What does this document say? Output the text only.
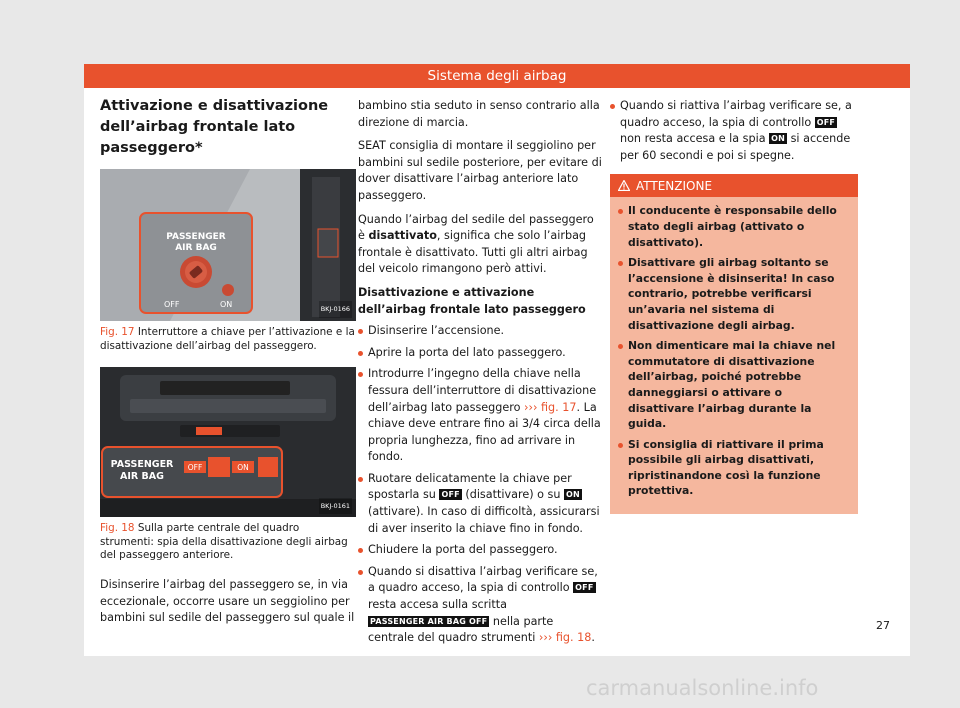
Sistema degli airbag
Attivazione e disattivazione dell’airbag frontale lato passeggero*
PASSENGER
AIR BAG
OFF	ON
BKJ-0166
Fig. 17 Interruttore a chiave per l’attivazione e la disattivazione dell’airbag del passeggero.
PASSENGER
AIR BAG
OFF	ON
BKJ-0161
Fig. 18 Sulla parte centrale del quadro strumenti: spia della disattivazione degli airbag del passeggero anteriore.

Disinserire l’airbag del passeggero se, in via eccezionale, occorre usare un seggiolino per bambini sul sedile del passeggero sul quale il

bambino stia seduto in senso contrario alla direzione di marcia.

SEAT consiglia di montare il seggiolino per bambini sul sedile posteriore, per evitare di dover disattivare l’airbag anteriore lato passeggero.

Quando l’airbag del sedile del passeggero è disattivato, significa che solo l’airbag frontale è disattivato. Tutti gli altri airbag del veicolo rimangono però attivi.

Disattivazione e attivazione dell’airbag frontale lato passeggero
Disinserire l’accensione.
Aprire la porta del lato passeggero.
Introdurre l’ingegno della chiave nella fessura dell’interruttore di disattivazione dell’airbag lato passeggero ››› fig. 17. La chiave deve entrare fino ai 3/4 circa della propria lunghezza, fino ad arrivare in fondo.
Ruotare delicatamente la chiave per spostarla su OFF (disattivare) o su ON (attivare). In caso di difficoltà, assicurarsi di aver inserito la chiave fino in fondo.
Chiudere la porta del passeggero.
Quando si disattiva l’airbag verificare se, a quadro acceso, la spia di controllo OFF resta accesa sulla scritta PASSENGER AIR BAG OFF nella parte centrale del quadro strumenti ››› fig. 18.
Quando si riattiva l’airbag verificare se, a quadro acceso, la spia di controllo OFF non resta accesa e la spia ON si accende per 60 secondi e poi si spegne.
ATTENZIONE
Il conducente è responsabile dello stato degli airbag (attivato o disattivato).
Disattivare gli airbag soltanto se l’accensione è disinserita! In caso contrario, potrebbe verificarsi un’avaria nel sistema di disattivazione degli airbag.
Non dimenticare mai la chiave nel commutatore di disattivazione dell’airbag, poiché potrebbe danneggiarsi o attivare o disattivare l’airbag durante la guida.
Si consiglia di riattivare il prima possibile gli airbag disattivati, ripristinandone così la funzione protettiva.
27
carmanualsonline.info
